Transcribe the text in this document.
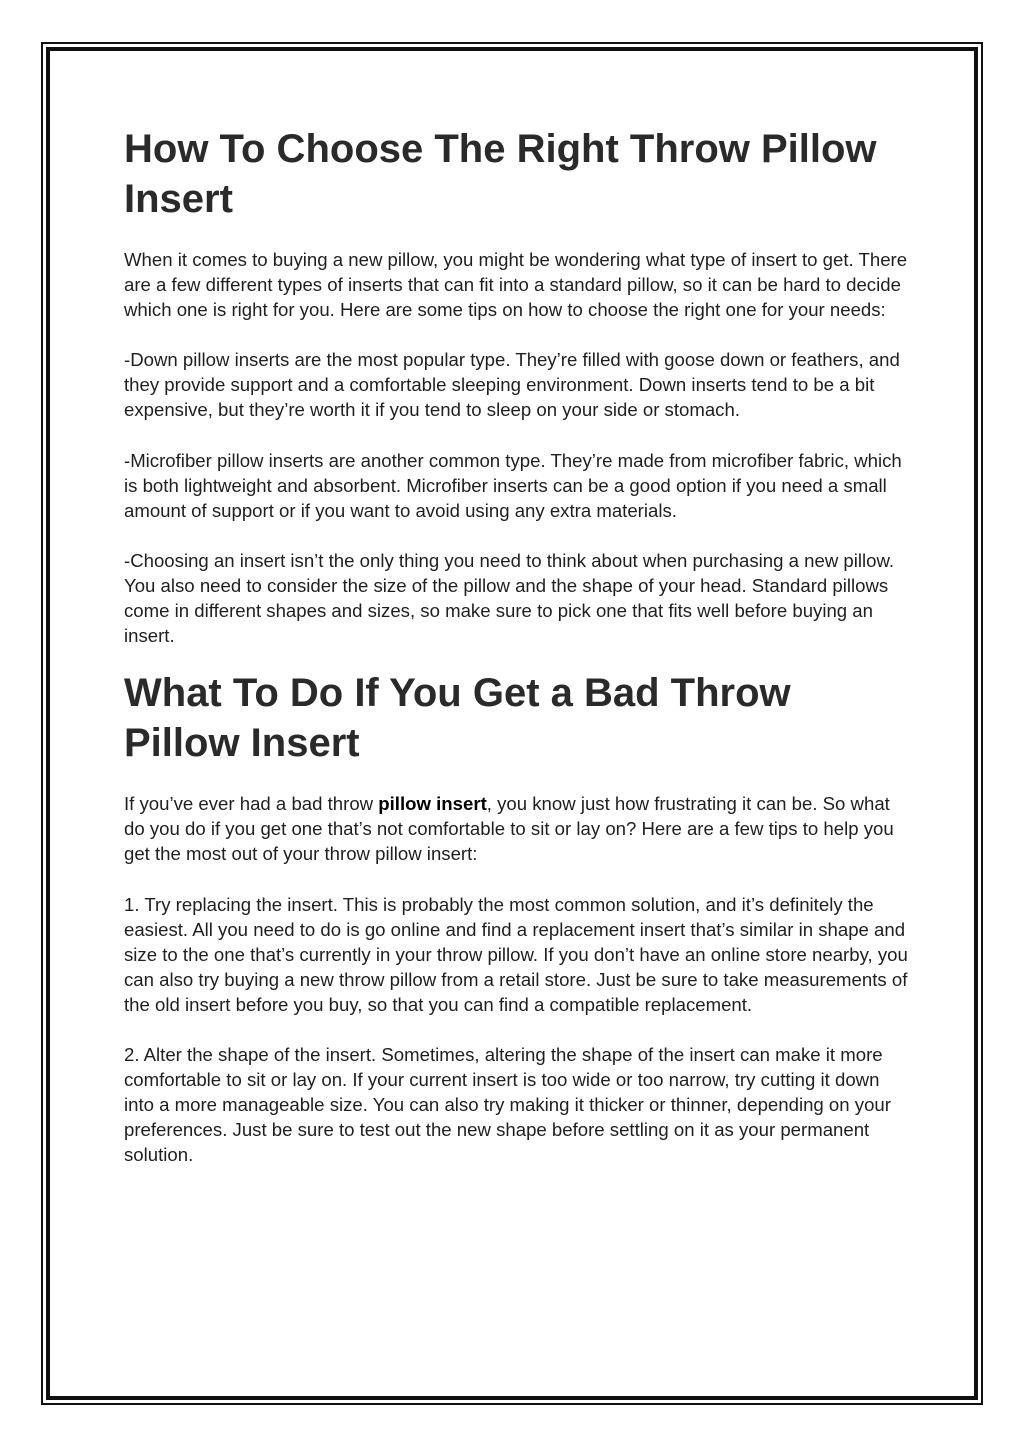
How To Choose The Right Throw Pillow Insert

When it comes to buying a new pillow, you might be wondering what type of insert to get. There are a few different types of inserts that can fit into a standard pillow, so it can be hard to decide which one is right for you. Here are some tips on how to choose the right one for your needs:

-Down pillow inserts are the most popular type. They’re filled with goose down or feathers, and they provide support and a comfortable sleeping environment. Down inserts tend to be a bit expensive, but they’re worth it if you tend to sleep on your side or stomach.

-Microfiber pillow inserts are another common type. They’re made from microfiber fabric, which is both lightweight and absorbent. Microfiber inserts can be a good option if you need a small amount of support or if you want to avoid using any extra materials.

-Choosing an insert isn’t the only thing you need to think about when purchasing a new pillow. You also need to consider the size of the pillow and the shape of your head. Standard pillows come in different shapes and sizes, so make sure to pick one that fits well before buying an insert.

What To Do If You Get a Bad Throw Pillow Insert

If you’ve ever had a bad throw pillow insert, you know just how frustrating it can be. So what do you do if you get one that’s not comfortable to sit or lay on? Here are a few tips to help you get the most out of your throw pillow insert:

1. Try replacing the insert. This is probably the most common solution, and it’s definitely the easiest. All you need to do is go online and find a replacement insert that’s similar in shape and size to the one that’s currently in your throw pillow. If you don’t have an online store nearby, you can also try buying a new throw pillow from a retail store. Just be sure to take measurements of the old insert before you buy, so that you can find a compatible replacement.

2. Alter the shape of the insert. Sometimes, altering the shape of the insert can make it more comfortable to sit or lay on. If your current insert is too wide or too narrow, try cutting it down into a more manageable size. You can also try making it thicker or thinner, depending on your preferences. Just be sure to test out the new shape before settling on it as your permanent solution.
